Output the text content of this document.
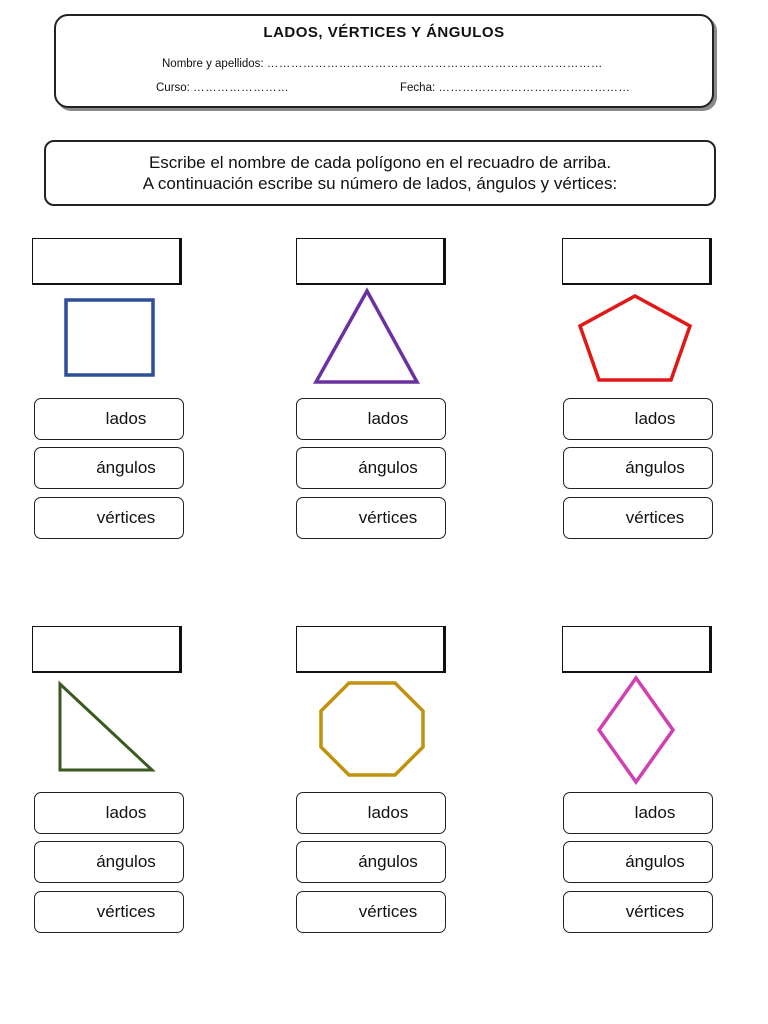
LADOS, VÉRTICES Y ÁNGULOS
Nombre y apellidos: …………………………………………………………………………
Curso: ……………………	Fecha: …………………………………………
Escribe el nombre de cada polígono en el recuadro de arriba.
A continuación escribe su número de lados, ángulos y vértices:
lados
ángulos
vértices
lados
ángulos
vértices
lados
ángulos
vértices
lados
ángulos
vértices
lados
ángulos
vértices
lados
ángulos
vértices
